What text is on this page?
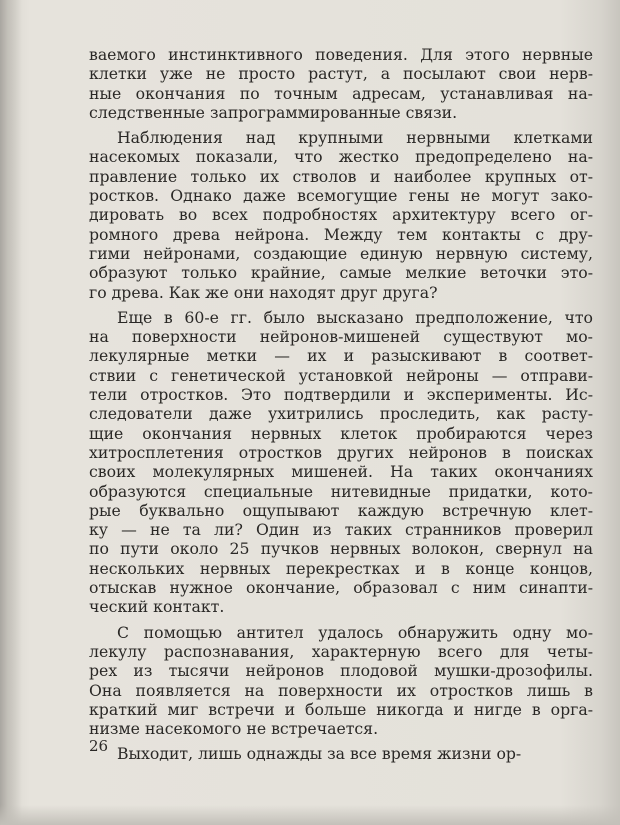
ваемого инстинктивного поведения. Для этого нервные
клетки уже не просто растут, а посылают свои нерв-
ные окончания по точным адресам, устанавливая на-
следственные запрограммированные связи.
Наблюдения над крупными нервными клетками
насекомых показали, что жестко предопределено на-
правление только их стволов и наиболее крупных от-
ростков. Однако даже всемогущие гены не могут зако-
дировать во всех подробностях архитектуру всего ог-
ромного древа нейрона. Между тем контакты с дру-
гими нейронами, создающие единую нервную систему,
образуют только крайние, самые мелкие веточки это-
го древа. Как же они находят друг друга?
Еще в 60-е гг. было высказано предположение, что
на поверхности нейронов-мишеней существуют мо-
лекулярные метки — их и разыскивают в соответ-
ствии с генетической установкой нейроны — отправи-
тели отростков. Это подтвердили и эксперименты. Ис-
следователи даже ухитрились проследить, как расту-
щие окончания нервных клеток пробираются через
хитросплетения отростков других нейронов в поисках
своих молекулярных мишеней. На таких окончаниях
образуются специальные нитевидные придатки, кото-
рые буквально ощупывают каждую встречную клет-
ку — не та ли? Один из таких странников проверил
по пути около 25 пучков нервных волокон, свернул на
нескольких нервных перекрестках и в конце концов,
отыскав нужное окончание, образовал с ним синапти-
ческий контакт.
С помощью антител удалось обнаружить одну мо-
лекулу распознавания, характерную всего для четы-
рех из тысячи нейронов плодовой мушки-дрозофилы.
Она появляется на поверхности их отростков лишь в
краткий миг встречи и больше никогда и нигде в орга-
низме насекомого не встречается.
Выходит, лишь однажды за все время жизни ор-
26
